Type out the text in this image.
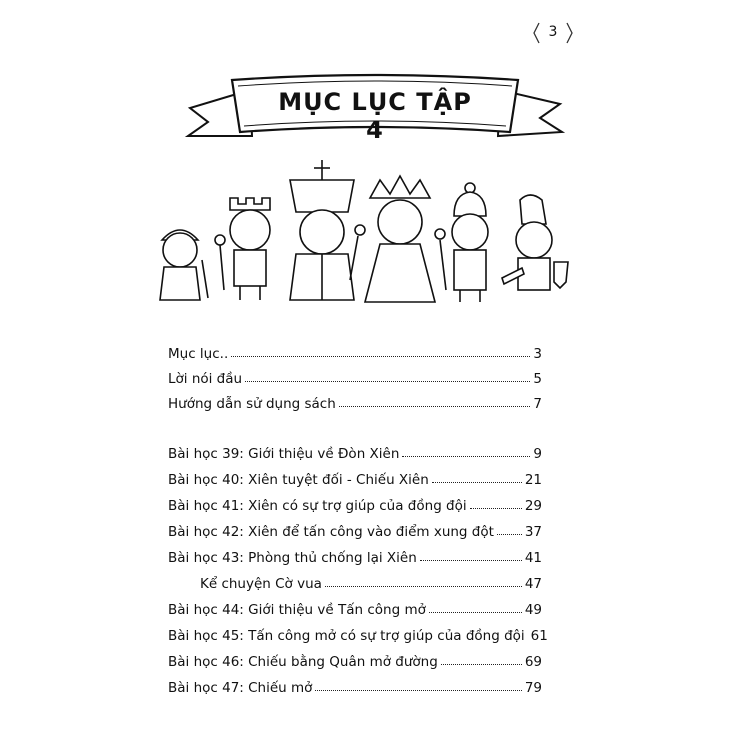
3
MỤC LỤC TẬP 4
Mục lục..	3
Lời nói đầu	5
Hướng dẫn sử dụng sách	7
Bài học 39: Giới thiệu về Đòn Xiên	9
Bài học 40: Xiên tuyệt đối - Chiếu Xiên	21
Bài học 41: Xiên có sự trợ giúp của đồng đội	29
Bài học 42: Xiên để tấn công vào điểm xung đột 37
Bài học 43: Phòng thủ chống lại Xiên	41
Kể chuyện Cờ vua	47
Bài học 44: Giới thiệu về Tấn công mở	49
Bài học 45: Tấn công mở có sự trợ giúp của đồng đội 61
Bài học 46: Chiếu bằng Quân mở đường	69
Bài học 47: Chiếu mở	79
